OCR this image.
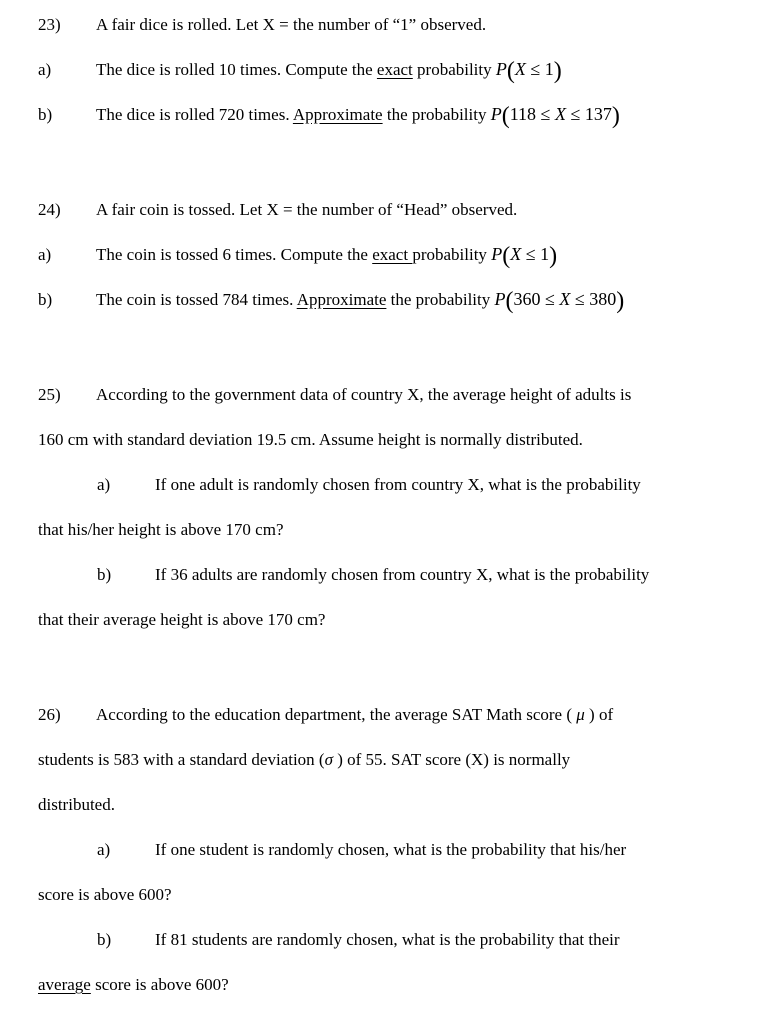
23) A fair dice is rolled. Let X = the number of “1” observed.

a)	The dice is rolled 10 times. Compute the exact probability P(X ≤ 1)

b)	The dice is rolled 720 times. Approximate the probability P(118 ≤ X ≤ 137)

24) A fair coin is tossed. Let X = the number of “Head” observed.

a)	The coin is tossed 6 times. Compute the exact probability P(X ≤ 1)

b)	The coin is tossed 784 times. Approximate the probability P(360 ≤ X ≤ 380)

25) According to the government data of country X, the average height of adults is

160 cm with standard deviation 19.5 cm. Assume height is normally distributed.

a)	If one adult is randomly chosen from country X, what is the probability

that his/her height is above 170 cm?

b)	If 36 adults are randomly chosen from country X, what is the probability

that their average height is above 170 cm?

26) According to the education department, the average SAT Math score ( μ ) of

students is 583 with a standard deviation (σ ) of 55. SAT score (X) is normally

distributed.

a)	If one student is randomly chosen, what is the probability that his/her

score is above 600?

b)	If 81 students are randomly chosen, what is the probability that their

average score is above 600?
